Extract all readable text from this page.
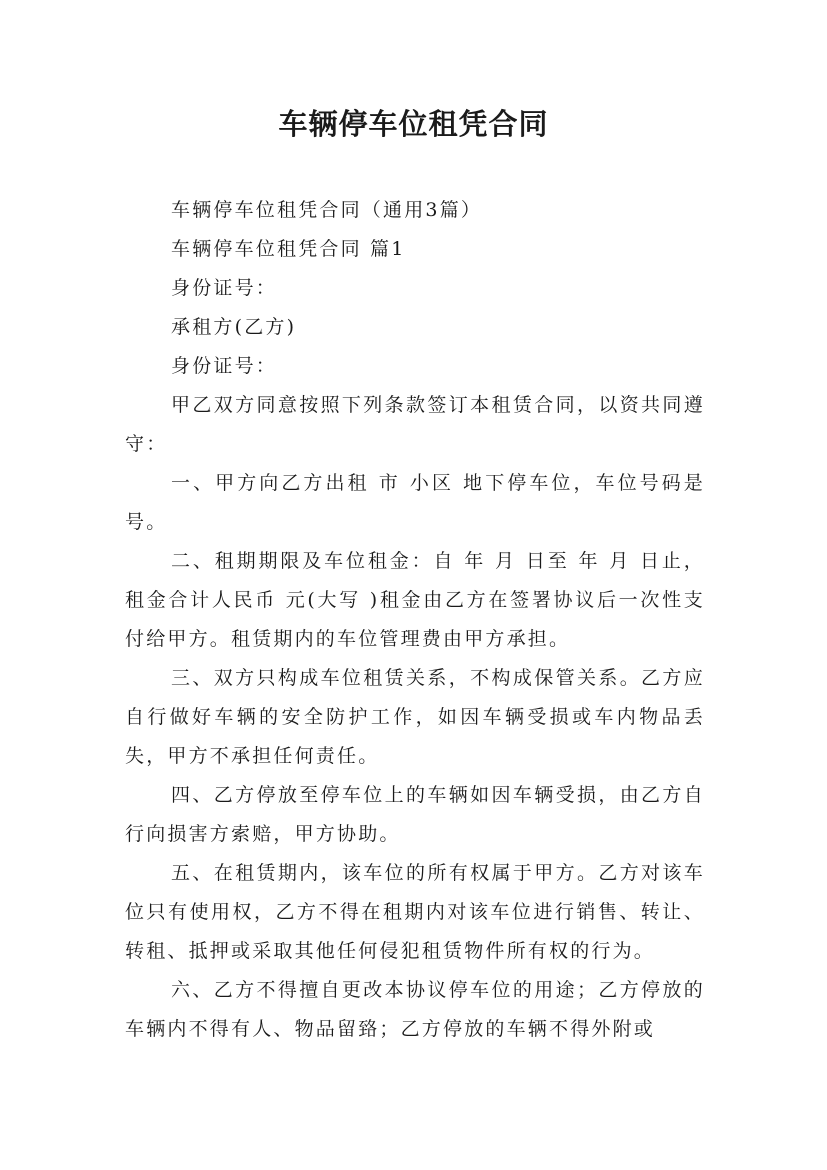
车辆停车位租凭合同

车辆停车位租凭合同（通用3篇）

车辆停车位租凭合同 篇1

身份证号：

承租方(乙方)

身份证号：

甲乙双方同意按照下列条款签订本租赁合同，以资共同遵守：

一、甲方向乙方出租 市 小区 地下停车位，车位号码是 号。

二、租期期限及车位租金：自 年 月 日至 年 月 日止，租金合计人民币 元(大写 )租金由乙方在签署协议后一次性支付给甲方。租赁期内的车位管理费由甲方承担。

三、双方只构成车位租赁关系，不构成保管关系。乙方应自行做好车辆的安全防护工作，如因车辆受损或车内物品丢失，甲方不承担任何责任。

四、乙方停放至停车位上的车辆如因车辆受损，由乙方自行向损害方索赔，甲方协助。

五、在租赁期内，该车位的所有权属于甲方。乙方对该车位只有使用权，乙方不得在租期内对该车位进行销售、转让、转租、抵押或采取其他任何侵犯租赁物件所有权的行为。

六、乙方不得擅自更改本协议停车位的用途；乙方停放的车辆内不得有人、物品留臵；乙方停放的车辆不得外附或
